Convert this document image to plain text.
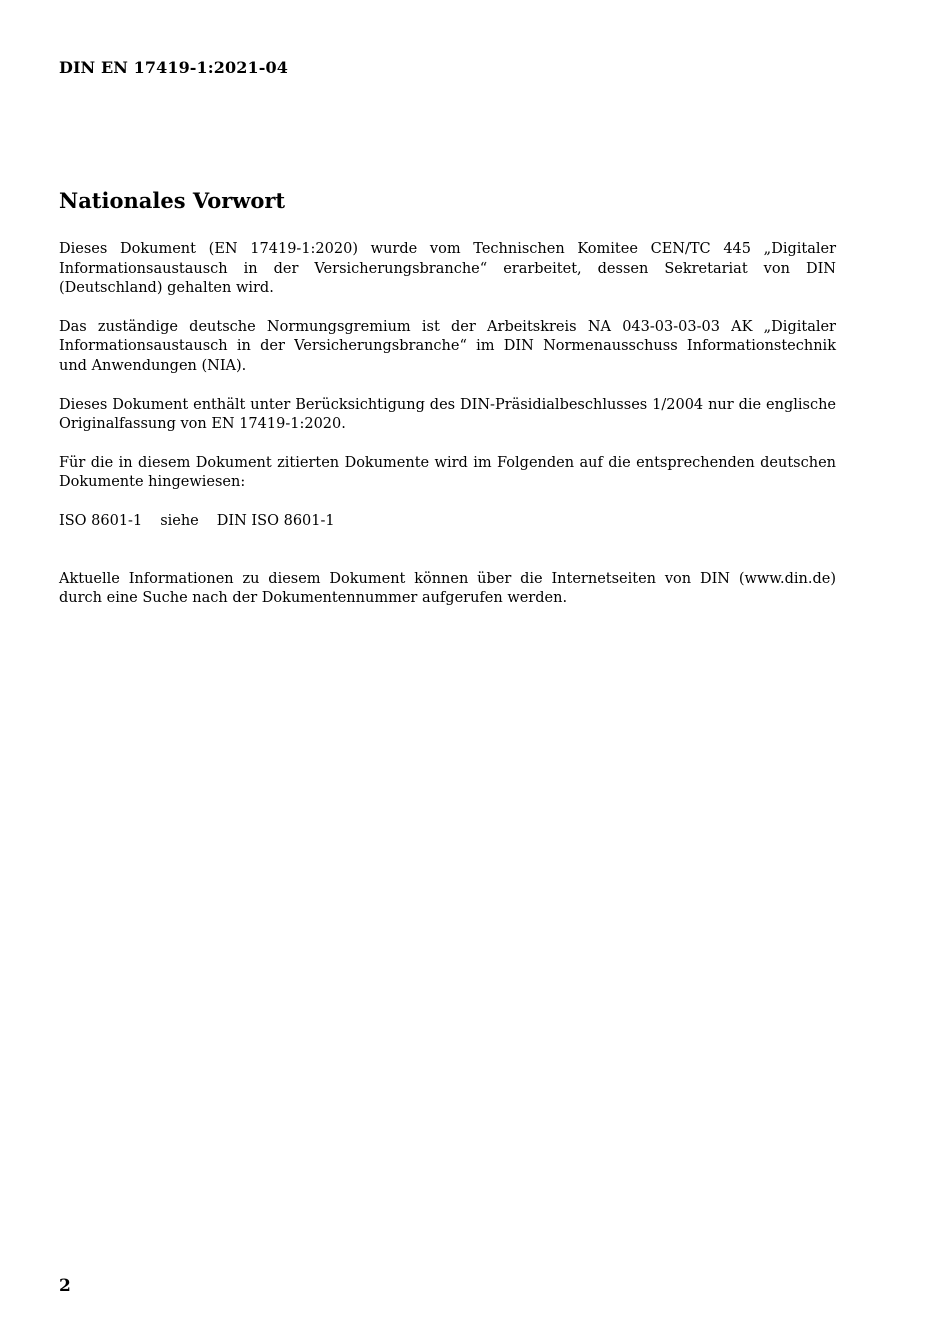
DIN EN 17419-1:2021-04
Nationales Vorwort

Dieses Dokument (EN 17419-1:2020) wurde vom Technischen Komitee CEN/TC 445 „Digitaler Informationsaustausch in der Versicherungsbranche“ erarbeitet, dessen Sekretariat von DIN (Deutschland) gehalten wird.

Das zuständige deutsche Normungsgremium ist der Arbeitskreis NA 043-03-03-03 AK „Digitaler Informationsaustausch in der Versicherungsbranche“ im DIN Normenausschuss Informationstechnik und Anwendungen (NIA).

Dieses Dokument enthält unter Berücksichtigung des DIN-Präsidialbeschlusses 1/2004 nur die englische Originalfassung von EN 17419-1:2020.

Für die in diesem Dokument zitierten Dokumente wird im Folgenden auf die entsprechenden deutschen Dokumente hingewiesen:

ISO 8601-1 siehe DIN ISO 8601-1

Aktuelle Informationen zu diesem Dokument können über die Internetseiten von DIN (www.din.de) durch eine Suche nach der Dokumentennummer aufgerufen werden.

2
